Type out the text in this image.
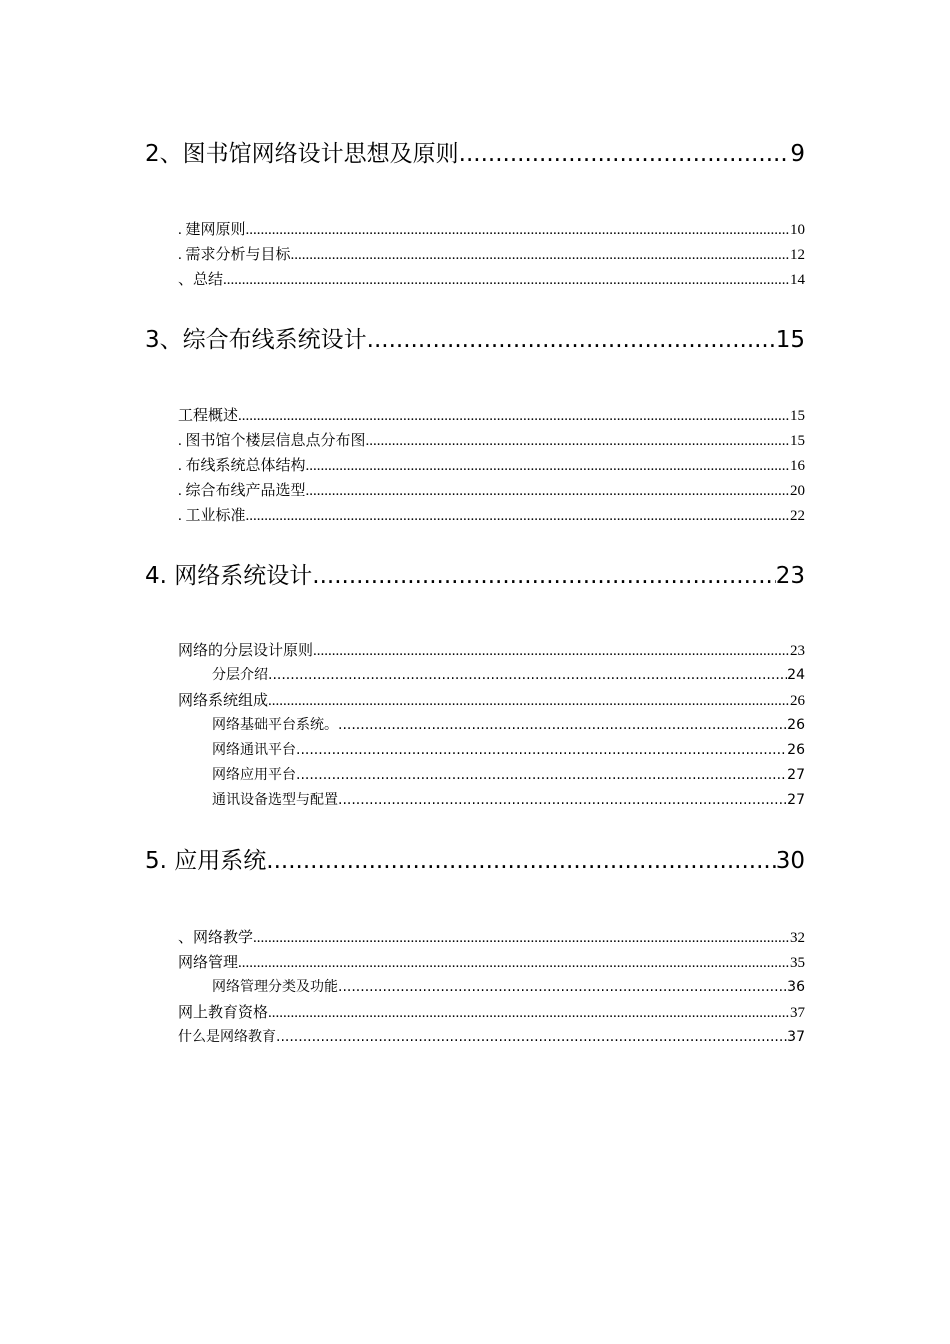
2、图书馆网络设计思想及原则 .....	9
. 建网原则 .....	10
. 需求分析与目标 .....	12
、总结 .....	14
3、综合布线系统设计 .....	15
工程概述 .....	15
. 图书馆个楼层信息点分布图 .....	15
. 布线系统总体结构 .....	16
. 综合布线产品选型 .....	20
. 工业标准 .....	22
4. 网络系统设计 .....	23
网络的分层设计原则 .....	23
分层介绍 .....	24
网络系统组成 .....	26
网络基础平台系统。 .....	26
网络通讯平台 .....	26
网络应用平台 .....	27
通讯设备选型与配置 .....	27
5. 应用系统 .....	30
、网络教学 .....	32
网络管理 .....	35
网络管理分类及功能 .....	36
网上教育资格 .....	37
什么是网络教育 .....	37
